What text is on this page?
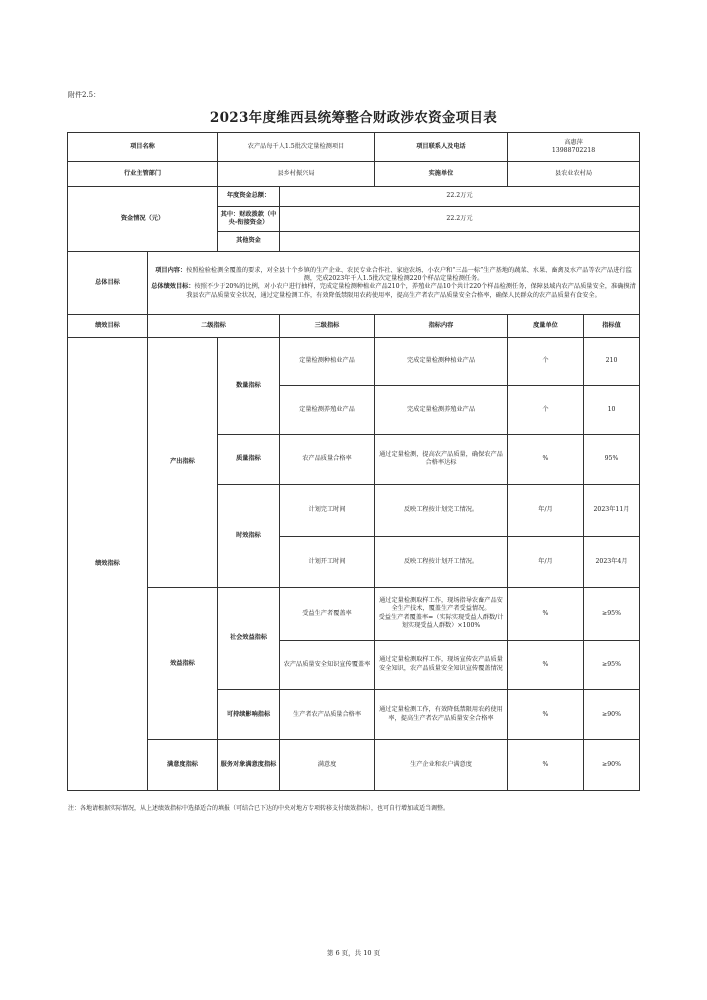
附件2.5：
2023年度维西县统筹整合财政涉农资金项目表
项目名称		农产品每千人1.5批次定量检测项目		项目联系人及电话	高惠萍
13988702218	

行业主管部门		县乡村振兴局		实施单位	县农业农村局	
资金情况（元）		年度资金总额：	22.2万元			
		其中：财政拨款（中央-衔接资金）	22.2万元			
		其他资金				
总体目标	项目内容：按照检验检测全覆盖的要求，对全县十个乡镇的生产企业、农民专业合作社、家庭农场、小农户和“三品一标”生产基地的蔬菜、水果、畜禽及水产品等农产品进行监测，完成2023年千人1.5批次定量检测220个样品定量检测任务。
总体绩效目标：按照不少于20%的比例，对小农户进行抽样，完成定量检测种植业产品210个，养殖业产品10个共计220个样品检测任务，保障县域内农产品质量安全，准确摸清我县农产品质量安全状况，通过定量检测工作，有效降低禁限用农药使用率，提高生产者农产品质量安全合格率，确保人民群众的农产品质量有食安全。					

绩效目标	二级指标		三级指标	指标内容	度量单位	指标值
绩效指标	产出指标	数量指标	定量检测种植业产品	完成定量检测种植业产品	个	210
			定量检测养殖业产品	完成定量检测养殖业产品	个	10
		质量指标	农产品质量合格率	通过定量检测，提高农产品质量，确保农产品合格率达标	%	95%
		时效指标	计划完工时间	反映工程按计划完工情况。	年/月	2023年11月
			计划开工时间	反映工程按计划开工情况。	年/月	2023年4月
	效益指标	社会效益指标	受益生产者覆盖率	通过定量检测取样工作，现场指导农畜产品安全生产技术，覆盖生产者受益情况。
受益生产者覆盖率=（实际实现受益人群数/计划实现受益人群数）×100%	%	≥95%
			农产品质量安全知识宣传覆盖率	通过定量检测取样工作，现场宣传农产品质量安全知识，农产品质量安全知识宣传覆盖情况	%	≥95%
		可持续影响指标	生产者农产品质量合格率	通过定量检测工作，有效降低禁限用农药使用率，提高生产者农产品质量安全合格率	%	≥90%
	满意度指标	服务对象满意度指标	满意度	生产企业和农户满意度	%	≥90%
注：各地请根据实际情况，从上述绩效指标中选择适合的填报（可结合已下达的中央对地方专项转移支付绩效指标），也可自行增加或适当调整。
第 6 页，共 10 页
